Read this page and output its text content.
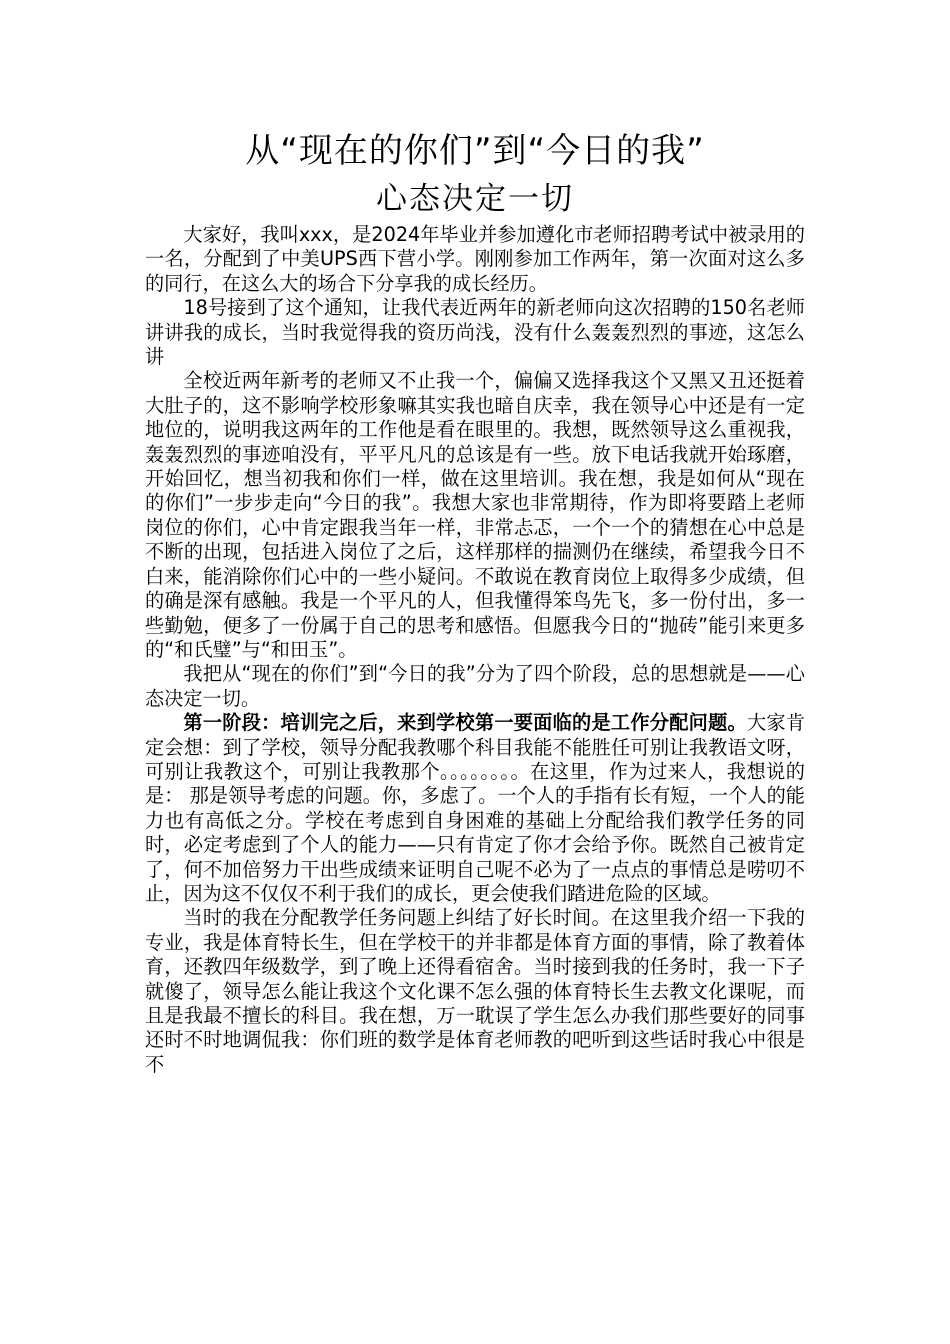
从“现在的你们”到“今日的我”
心态决定一切

大家好，我叫xxx，是2024年毕业并参加遵化市老师招聘考试中被录用的一名，分配到了中美UPS西下营小学。刚刚参加工作两年，第一次面对这么多的同行，在这么大的场合下分享我的成长经历。

18号接到了这个通知，让我代表近两年的新老师向这次招聘的150名老师讲讲我的成长，当时我觉得我的资历尚浅，没有什么轰轰烈烈的事迹，这怎么讲

全校近两年新考的老师又不止我一个，偏偏又选择我这个又黑又丑还挺着大肚子的，这不影响学校形象嘛其实我也暗自庆幸，我在领导心中还是有一定地位的，说明我这两年的工作他是看在眼里的。我想，既然领导这么重视我，轰轰烈烈的事迹咱没有，平平凡凡的总该是有一些。放下电话我就开始琢磨，开始回忆，想当初我和你们一样，做在这里培训。我在想，我是如何从“现在的你们”一步步走向“今日的我”。我想大家也非常期待，作为即将要踏上老师岗位的你们，心中肯定跟我当年一样，非常忐忑，一个一个的猜想在心中总是不断的出现，包括进入岗位了之后，这样那样的揣测仍在继续，希望我今日不白来，能消除你们心中的一些小疑问。不敢说在教育岗位上取得多少成绩，但的确是深有感触。我是一个平凡的人，但我懂得笨鸟先飞，多一份付出，多一些勤勉，便多了一份属于自己的思考和感悟。但愿我今日的“抛砖”能引来更多的“和氏璧”与“和田玉”。

我把从“现在的你们”到“今日的我”分为了四个阶段，总的思想就是——心态决定一切。

第一阶段：培训完之后，来到学校第一要面临的是工作分配问题。大家肯定会想：到了学校，领导分配我教哪个科目我能不能胜任可别让我教语文呀，可别让我教这个，可别让我教那个。。。。。。。。在这里，作为过来人，我想说的是： 那是领导考虑的问题。你，多虑了。一个人的手指有长有短，一个人的能力也有高低之分。学校在考虑到自身困难的基础上分配给我们教学任务的同时，必定考虑到了个人的能力——只有肯定了你才会给予你。既然自己被肯定了，何不加倍努力干出些成绩来证明自己呢不必为了一点点的事情总是唠叨不止，因为这不仅仅不利于我们的成长，更会使我们踏进危险的区域。

当时的我在分配教学任务问题上纠结了好长时间。在这里我介绍一下我的专业，我是体育特长生，但在学校干的并非都是体育方面的事情，除了教着体育，还教四年级数学，到了晚上还得看宿舍。当时接到我的任务时，我一下子就傻了，领导怎么能让我这个文化课不怎么强的体育特长生去教文化课呢，而且是我最不擅长的科目。我在想，万一耽误了学生怎么办我们那些要好的同事还时不时地调侃我：你们班的数学是体育老师教的吧听到这些话时我心中很是不
